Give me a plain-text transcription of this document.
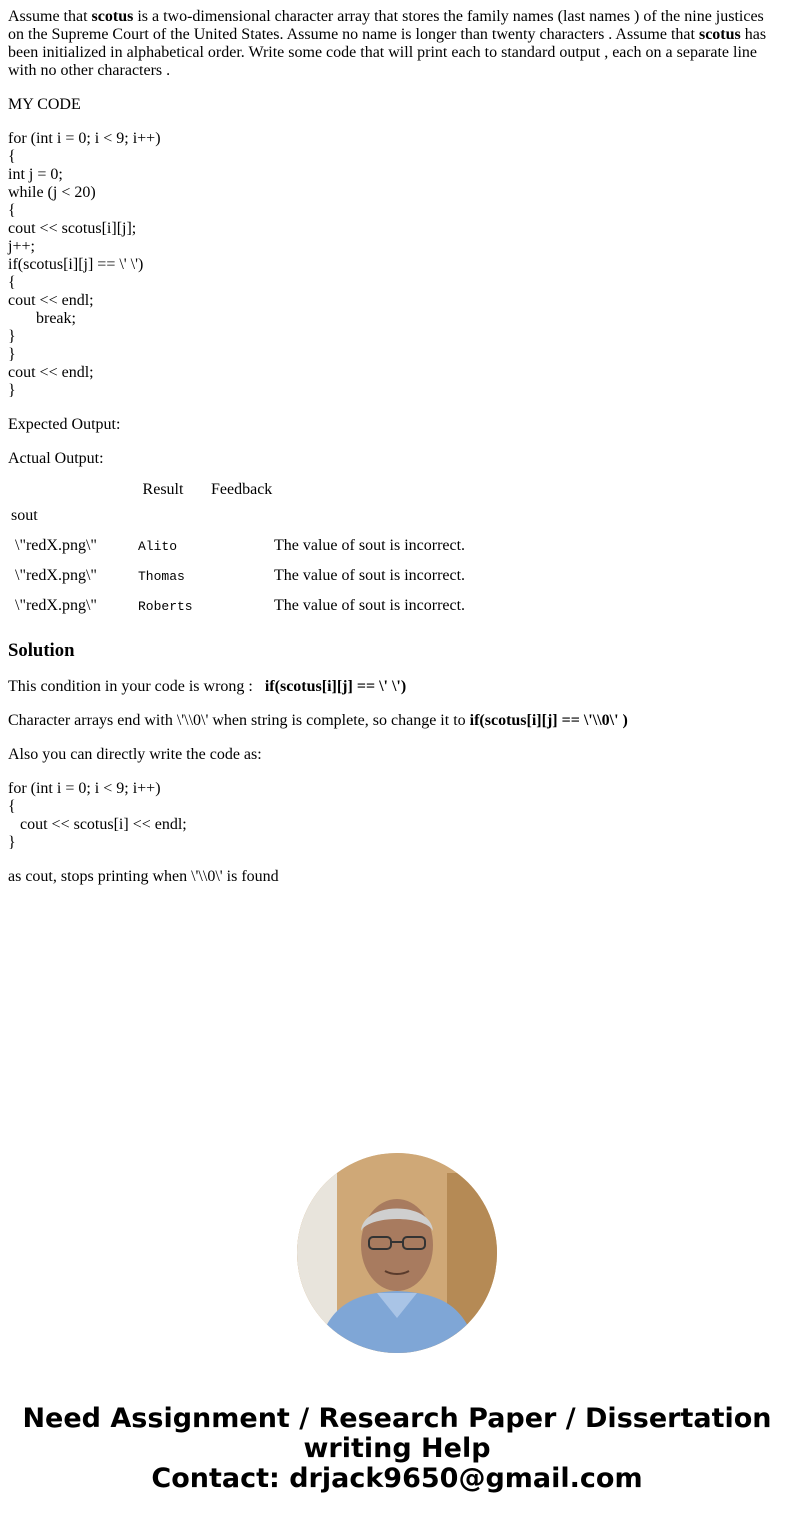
Assume that scotus is a two-dimensional character array that stores the family names (last names ) of the nine justices on the Supreme Court of the United States. Assume no name is longer than twenty characters . Assume that scotus has been initialized in alphabetical order. Write some code that will print each to standard output , each on a separate line with no other characters .

MY CODE

for (int i = 0; i < 9; i++)
{
int j = 0;
while (j < 20)
{
cout << scotus[i][j];
j++;
if(scotus[i][j] == \' \')
{
cout << endl;
break;
}
}
cout << endl;
}

Expected Output:

Actual Output:

	Result	Feedback
sout		
\"redX.png\"	Alito	The value of sout is incorrect.
\"redX.png\"	Thomas	The value of sout is incorrect.
\"redX.png\"	Roberts	The value of sout is incorrect.
Solution

This condition in your code is wrong :   if(scotus[i][j] == \' \')

Character arrays end with \'\\0\' when string is complete, so change it to if(scotus[i][j] == \'\\0\' )

Also you can directly write the code as:

for (int i = 0; i < 9; i++)
{
cout << scotus[i] << endl;
}

as cout, stops printing when \'\\0\' is found

Need Assignment / Research Paper / Dissertation
writing Help
Contact: drjack9650@gmail.com
